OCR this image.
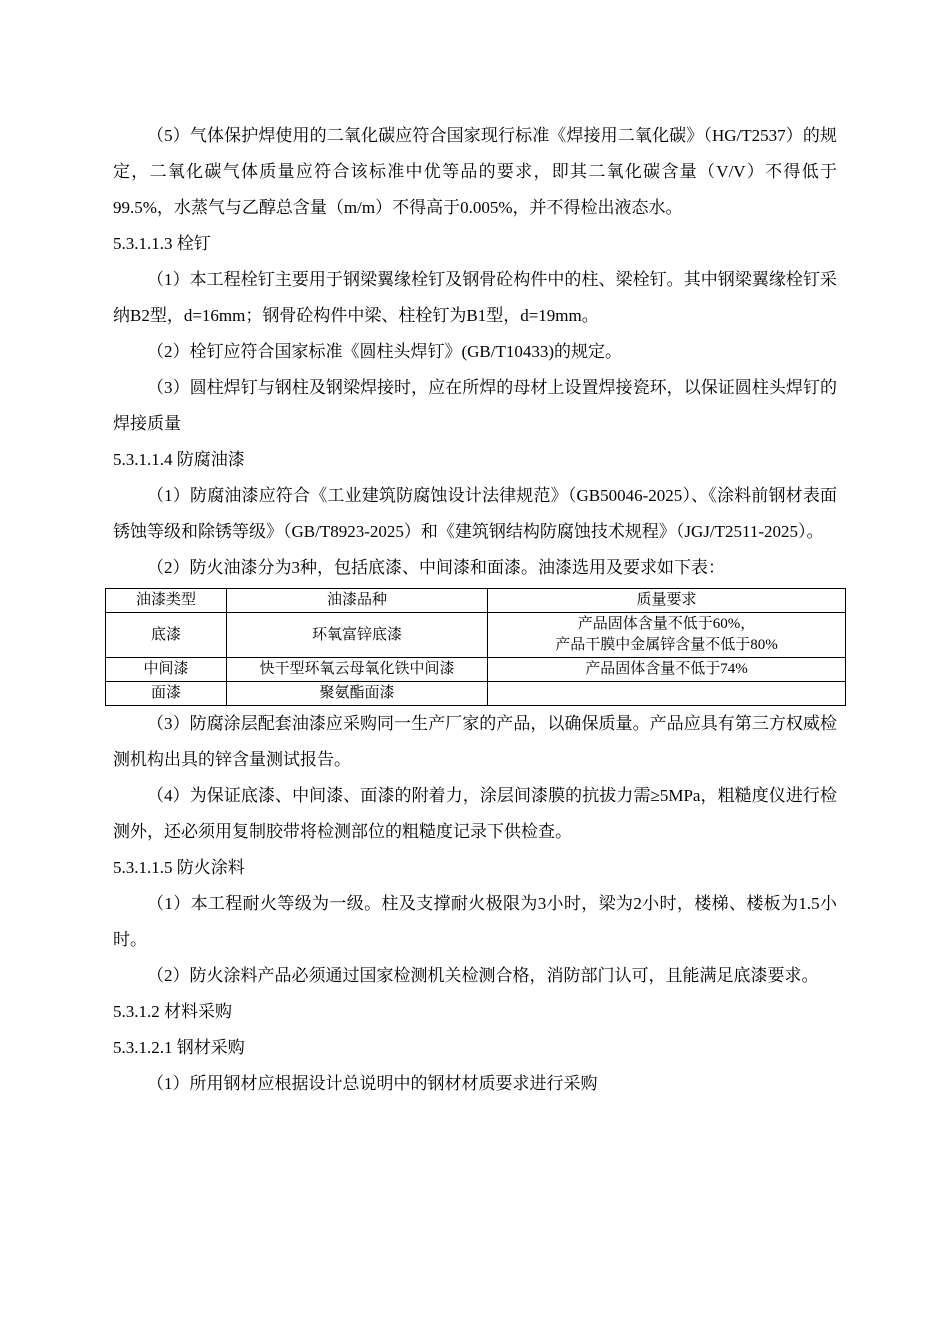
（5）气体保护焊使用的二氧化碳应符合国家现行标准《焊接用二氧化碳》（HG/T2537）的规定，二氧化碳气体质量应符合该标准中优等品的要求，即其二氧化碳含量（V/V）不得低于99.5%，水蒸气与乙醇总含量（m/m）不得高于0.005%，并不得检出液态水。

5.3.1.1.3 栓钉

（1）本工程栓钉主要用于钢梁翼缘栓钉及钢骨砼构件中的柱、梁栓钉。其中钢梁翼缘栓钉采纳B2型，d=16mm；钢骨砼构件中梁、柱栓钉为B1型，d=19mm。

（2）栓钉应符合国家标准《圆柱头焊钉》(GB/T10433)的规定。

（3）圆柱焊钉与钢柱及钢梁焊接时，应在所焊的母材上设置焊接瓷环，以保证圆柱头焊钉的焊接质量

5.3.1.1.4 防腐油漆

（1）防腐油漆应符合《工业建筑防腐蚀设计法律规范》（GB50046-2025）、《涂料前钢材表面锈蚀等级和除锈等级》（GB/T8923-2025）和《建筑钢结构防腐蚀技术规程》（JGJ/T2511-2025）。

（2）防火油漆分为3种，包括底漆、中间漆和面漆。油漆选用及要求如下表：

油漆类型	油漆品种	质量要求
底漆	环氧富锌底漆	产品固体含量不低于60%，
产品干膜中金属锌含量不低于80%

中间漆	快干型环氧云母氧化铁中间漆	产品固体含量不低于74%
面漆	聚氨酯面漆	

（3）防腐涂层配套油漆应采购同一生产厂家的产品，以确保质量。产品应具有第三方权威检测机构出具的锌含量测试报告。

（4）为保证底漆、中间漆、面漆的附着力，涂层间漆膜的抗拔力需≥5MPa，粗糙度仪进行检测外，还必须用复制胶带将检测部位的粗糙度记录下供检查。

5.3.1.1.5 防火涂料

（1）本工程耐火等级为一级。柱及支撑耐火极限为3小时，梁为2小时，楼梯、楼板为1.5小时。

（2）防火涂料产品必须通过国家检测机关检测合格，消防部门认可，且能满足底漆要求。

5.3.1.2 材料采购

5.3.1.2.1 钢材采购

（1）所用钢材应根据设计总说明中的钢材材质要求进行采购
